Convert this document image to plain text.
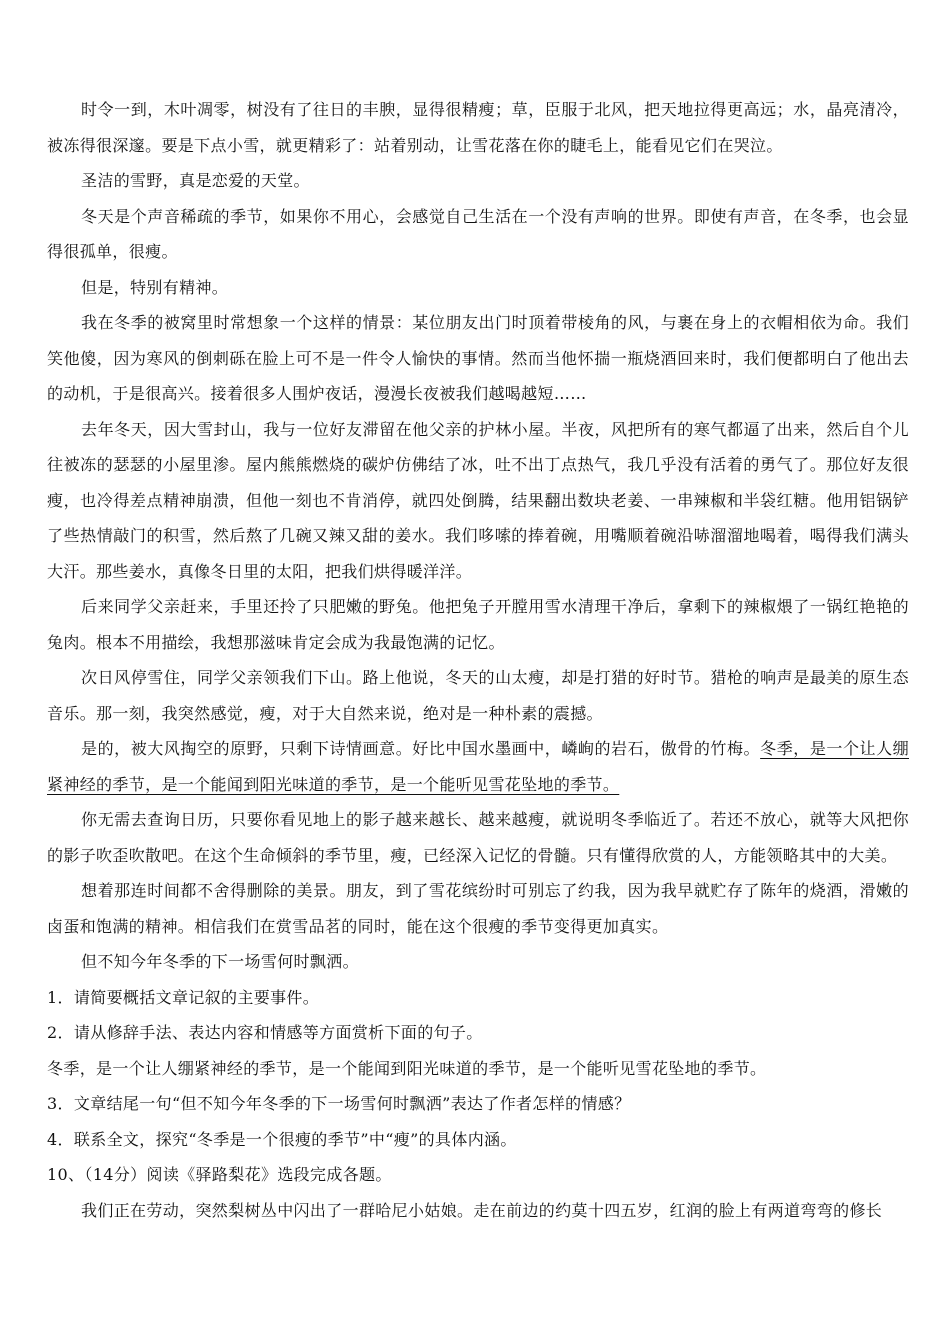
时令一到，木叶凋零，树没有了往日的丰腴，显得很精瘦；草，臣服于北风，把天地拉得更高远；水，晶亮清冷，被冻得很深邃。要是下点小雪，就更精彩了：站着别动，让雪花落在你的睫毛上，能看见它们在哭泣。

圣洁的雪野，真是恋爱的天堂。

冬天是个声音稀疏的季节，如果你不用心，会感觉自己生活在一个没有声响的世界。即使有声音，在冬季，也会显得很孤单，很瘦。

但是，特别有精神。

我在冬季的被窝里时常想象一个这样的情景：某位朋友出门时顶着带棱角的风，与裹在身上的衣帽相依为命。我们笑他傻，因为寒风的倒刺砾在脸上可不是一件令人愉快的事情。然而当他怀揣一瓶烧酒回来时，我们便都明白了他出去的动机，于是很高兴。接着很多人围炉夜话，漫漫长夜被我们越喝越短……

去年冬天，因大雪封山，我与一位好友滞留在他父亲的护林小屋。半夜，风把所有的寒气都逼了出来，然后自个儿往被冻的瑟瑟的小屋里渗。屋内熊熊燃烧的碳炉仿佛结了冰，吐不出丁点热气，我几乎没有活着的勇气了。那位好友很瘦，也冷得差点精神崩溃，但他一刻也不肯消停，就四处倒腾，结果翻出数块老姜、一串辣椒和半袋红糖。他用铝锅铲了些热情敲门的积雪，然后熬了几碗又辣又甜的姜水。我们哆嗦的捧着碗，用嘴顺着碗沿哧溜溜地喝着，喝得我们满头大汗。那些姜水，真像冬日里的太阳，把我们烘得暖洋洋。

后来同学父亲赶来，手里还拎了只肥嫩的野兔。他把兔子开膛用雪水清理干净后，拿剩下的辣椒煨了一锅红艳艳的兔肉。根本不用描绘，我想那滋味肯定会成为我最饱满的记忆。

次日风停雪住，同学父亲领我们下山。路上他说，冬天的山太瘦，却是打猎的好时节。猎枪的响声是最美的原生态音乐。那一刻，我突然感觉，瘦，对于大自然来说，绝对是一种朴素的震撼。

是的，被大风掏空的原野，只剩下诗情画意。好比中国水墨画中，嶙峋的岩石，傲骨的竹梅。冬季，是一个让人绷紧神经的季节，是一个能闻到阳光味道的季节，是一个能听见雪花坠地的季节。

你无需去查询日历，只要你看见地上的影子越来越长、越来越瘦，就说明冬季临近了。若还不放心，就等大风把你的影子吹歪吹散吧。在这个生命倾斜的季节里，瘦，已经深入记忆的骨髓。只有懂得欣赏的人，方能领略其中的大美。

想着那连时间都不舍得删除的美景。朋友，到了雪花缤纷时可别忘了约我，因为我早就贮存了陈年的烧酒，滑嫩的卤蛋和饱满的精神。相信我们在赏雪品茗的同时，能在这个很瘦的季节变得更加真实。

但不知今年冬季的下一场雪何时飘洒。

1．请简要概括文章记叙的主要事件。

2．请从修辞手法、表达内容和情感等方面赏析下面的句子。

冬季，是一个让人绷紧神经的季节，是一个能闻到阳光味道的季节，是一个能听见雪花坠地的季节。

3．文章结尾一句“但不知今年冬季的下一场雪何时飘洒”表达了作者怎样的情感？

4．联系全文，探究“冬季是一个很瘦的季节”中“瘦”的具体内涵。

10、（14分）阅读《驿路梨花》选段完成各题。

我们正在劳动，突然梨树丛中闪出了一群哈尼小姑娘。走在前边的约莫十四五岁，红润的脸上有两道弯弯的修长
